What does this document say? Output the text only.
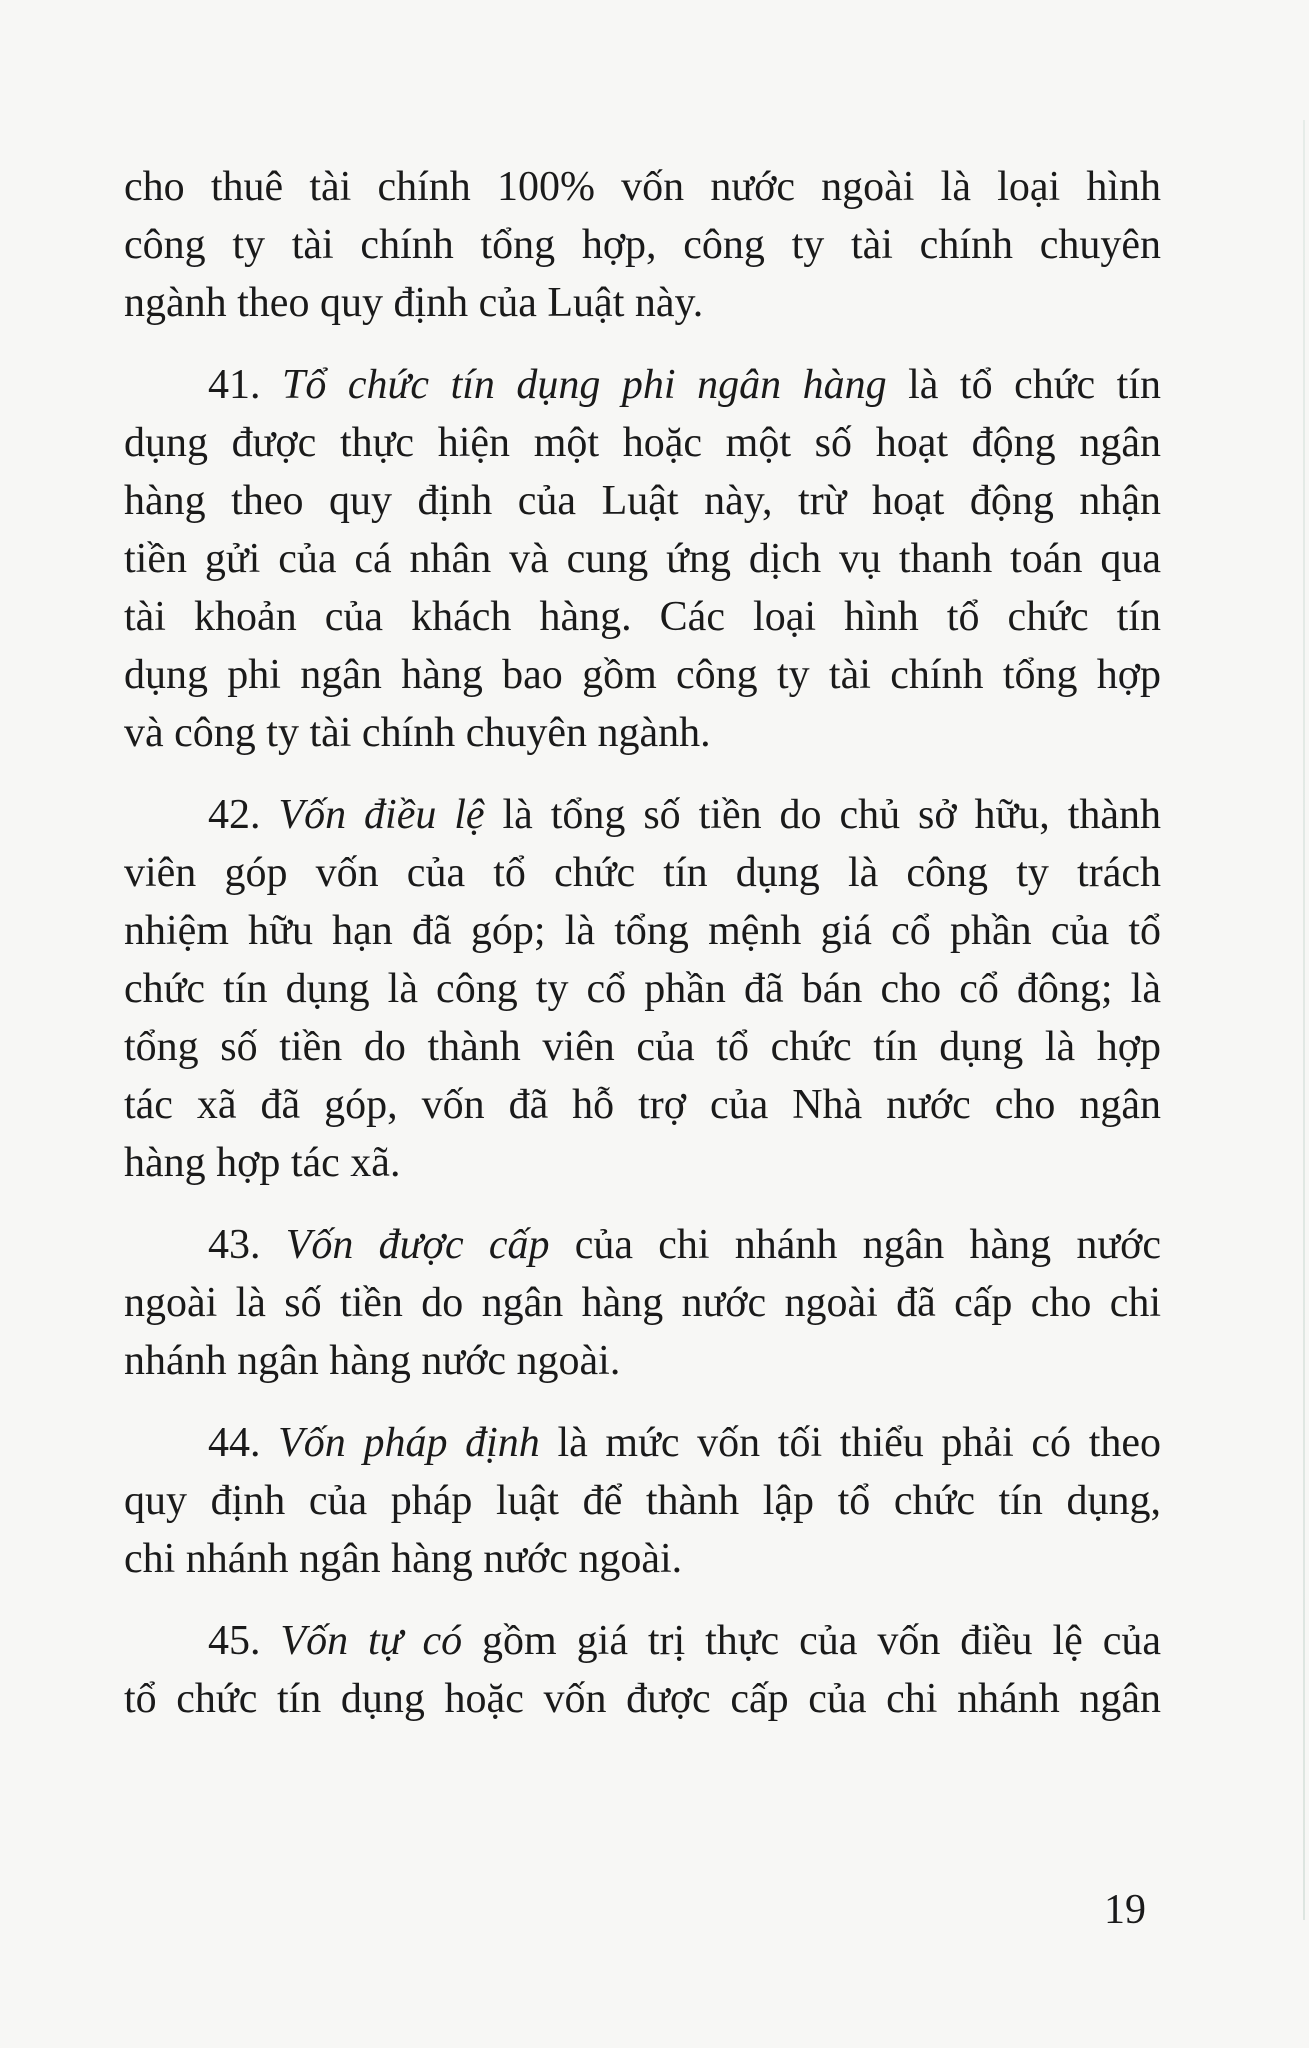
cho thuê tài chính 100% vốn nước ngoài là loại hình
công ty tài chính tổng hợp, công ty tài chính chuyên
ngành theo quy định của Luật này.
41. Tổ chức tín dụng phi ngân hàng là tổ chức tín
dụng được thực hiện một hoặc một số hoạt động ngân
hàng theo quy định của Luật này, trừ hoạt động nhận
tiền gửi của cá nhân và cung ứng dịch vụ thanh toán qua
tài khoản của khách hàng. Các loại hình tổ chức tín
dụng phi ngân hàng bao gồm công ty tài chính tổng hợp
và công ty tài chính chuyên ngành.
42. Vốn điều lệ là tổng số tiền do chủ sở hữu, thành
viên góp vốn của tổ chức tín dụng là công ty trách
nhiệm hữu hạn đã góp; là tổng mệnh giá cổ phần của tổ
chức tín dụng là công ty cổ phần đã bán cho cổ đông; là
tổng số tiền do thành viên của tổ chức tín dụng là hợp
tác xã đã góp, vốn đã hỗ trợ của Nhà nước cho ngân
hàng hợp tác xã.
43. Vốn được cấp của chi nhánh ngân hàng nước
ngoài là số tiền do ngân hàng nước ngoài đã cấp cho chi
nhánh ngân hàng nước ngoài.
44. Vốn pháp định là mức vốn tối thiểu phải có theo
quy định của pháp luật để thành lập tổ chức tín dụng,
chi nhánh ngân hàng nước ngoài.
45. Vốn tự có gồm giá trị thực của vốn điều lệ của
tổ chức tín dụng hoặc vốn được cấp của chi nhánh ngân
19
